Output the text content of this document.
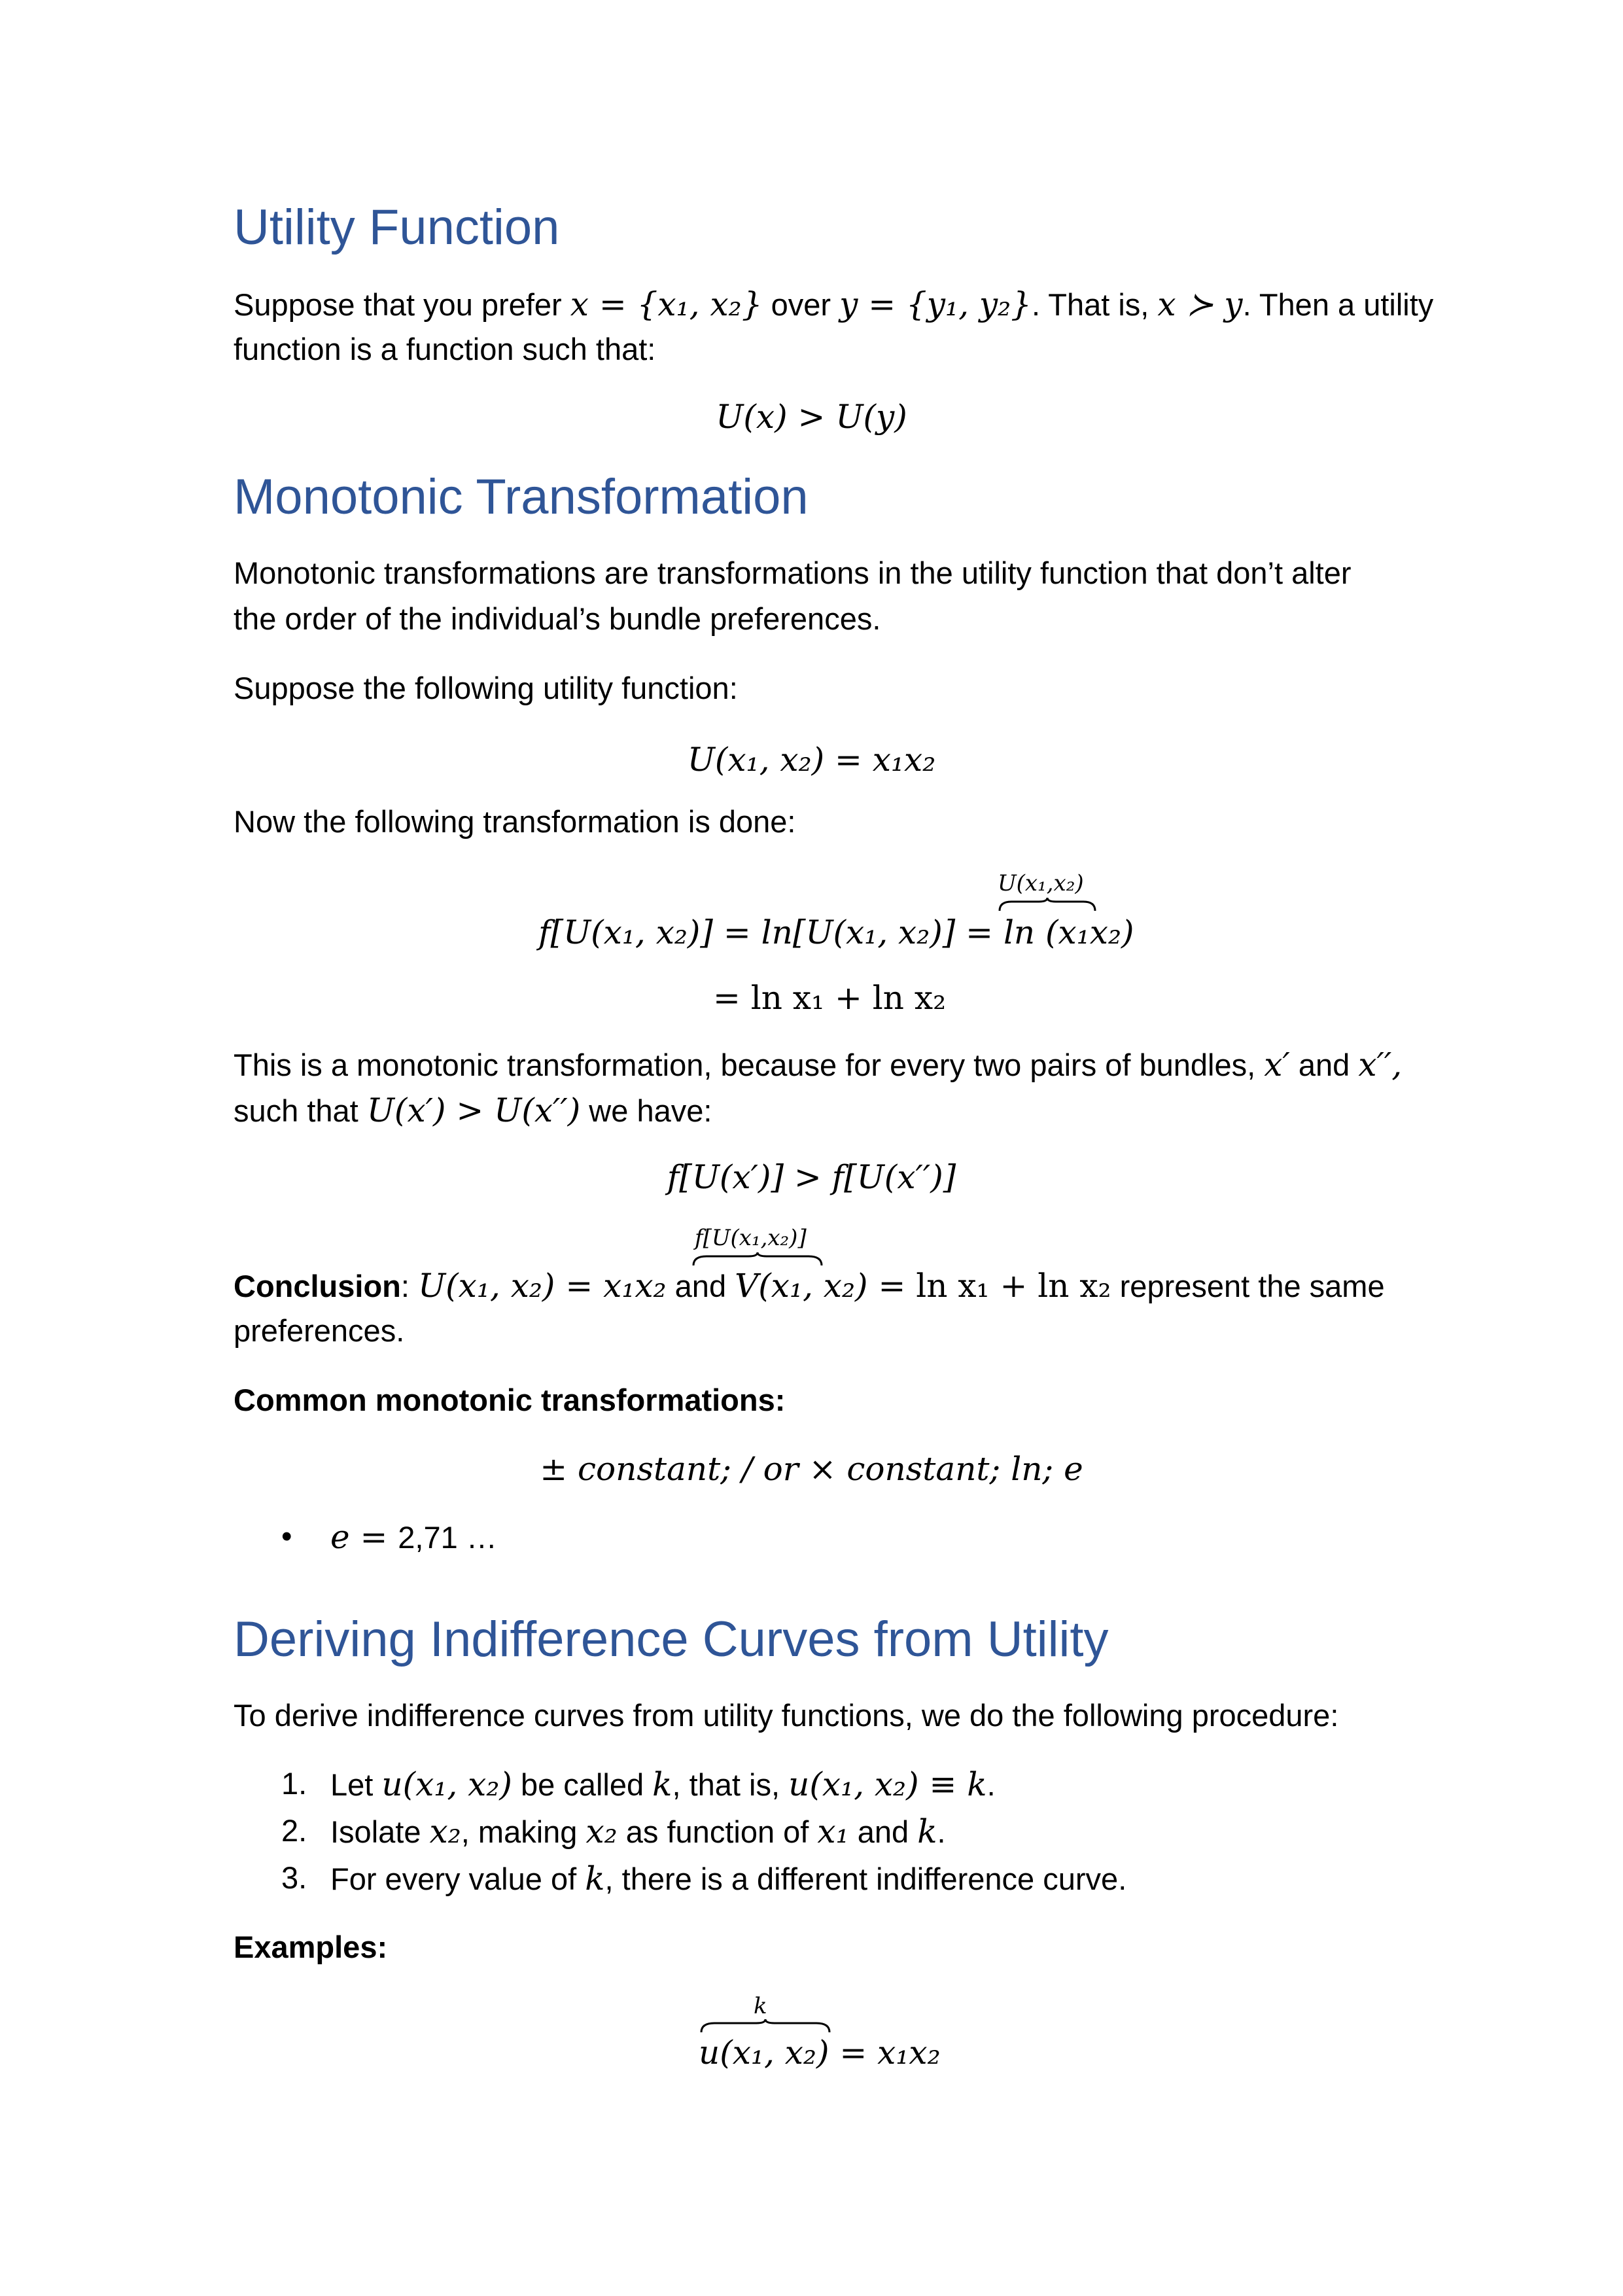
Utility Function
Suppose that you prefer x = {x₁, x₂} over y = {y₁, y₂}. That is, x ≻ y. Then a utility
function is a function such that:
U(x) > U(y)
Monotonic Transformation
Monotonic transformations are transformations in the utility function that don’t alter
the order of the individual’s bundle preferences.
Suppose the following utility function:
U(x₁, x₂) = x₁x₂
Now the following transformation is done:
U(x₁,x₂)
f[U(x₁, x₂)] = ln[U(x₁, x₂)] = ln (x₁x₂)
= ln x₁ + ln x₂
This is a monotonic transformation, because for every two pairs of bundles, x′ and x′′,
such that U(x′) > U(x′′) we have:
f[U(x′)] > f[U(x′′)]
f[U(x₁,x₂)]
Conclusion: U(x₁, x₂) = x₁x₂ and V(x₁, x₂) = ln x₁ + ln x₂ represent the same
preferences.
Common monotonic transformations:
± constant; / or × constant; ln; e
• e = 2,71 …
Deriving Indifference Curves from Utility
To derive indifference curves from utility functions, we do the following procedure:
1. Let u(x₁, x₂) be called k, that is, u(x₁, x₂) ≡ k.
2. Isolate x₂, making x₂ as function of x₁ and k.
3. For every value of k, there is a different indifference curve.
Examples:
k
u(x₁, x₂) = x₁x₂
